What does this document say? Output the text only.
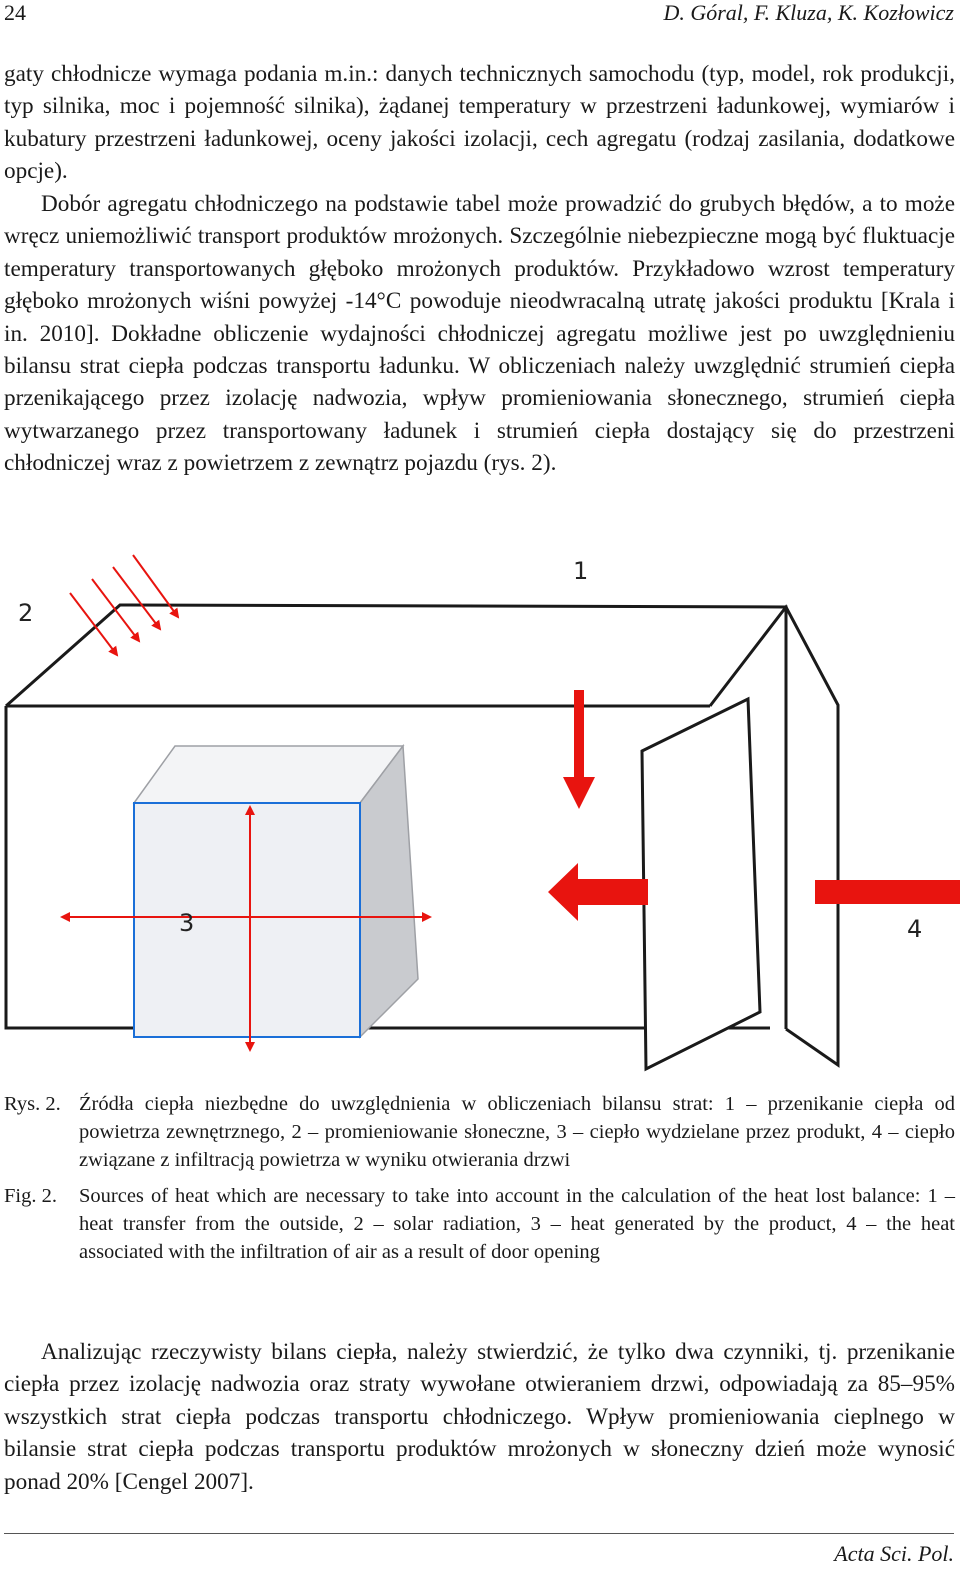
24	D. Góral, F. Kluza, K. Kozłowicz

gaty chłodnicze wymaga podania m.in.: danych technicznych samochodu (typ, model, rok produkcji, typ silnika, moc i pojemność silnika), żądanej temperatury w przestrzeni ładunkowej, wymiarów i kubatury przestrzeni ładunkowej, oceny jakości izolacji, cech agregatu (rodzaj zasilania, dodatkowe opcje).

Dobór agregatu chłodniczego na podstawie tabel może prowadzić do grubych błędów, a to może wręcz uniemożliwić transport produktów mrożonych. Szczególnie niebezpieczne mogą być fluktuacje temperatury transportowanych głęboko mrożonych produktów. Przykładowo wzrost temperatury głęboko mrożonych wiśni powyżej -14°C powoduje nieodwracalną utratę jakości produktu [Krala i in. 2010]. Dokładne obliczenie wydajności chłodniczej agregatu możliwe jest po uwzględnieniu bilansu strat ciepła podczas transportu ładunku. W obliczeniach należy uwzględnić strumień ciepła przenikającego przez izolację nadwozia, wpływ promieniowania słonecznego, strumień ciepła wytwarzanego przez transportowany ładunek i strumień ciepła dostający się do przestrzeni chłodniczej wraz z powietrzem z zewnątrz pojazdu (rys. 2).

1
2
3	4
Rys. 2. Źródła ciepła niezbędne do uwzględnienia w obliczeniach bilansu strat: 1 – przenikanie ciepła od powietrza zewnętrznego, 2 – promieniowanie słoneczne, 3 – ciepło wydzielane przez produkt, 4 – ciepło związane z infiltracją powietrza w wyniku otwierania drzwi
Fig. 2. Sources of heat which are necessary to take into account in the calculation of the heat lost balance: 1 – heat transfer from the outside, 2 – solar radiation, 3 – heat generated by the product, 4 – the heat associated with the infiltration of air as a result of door opening

Analizując rzeczywisty bilans ciepła, należy stwierdzić, że tylko dwa czynniki, tj. przenikanie ciepła przez izolację nadwozia oraz straty wywołane otwieraniem drzwi, odpowiadają za 85–95% wszystkich strat ciepła podczas transportu chłodniczego. Wpływ promieniowania cieplnego w bilansie strat ciepła podczas transportu produktów mrożonych w słoneczny dzień może wynosić ponad 20% [Cengel 2007].

Acta Sci. Pol.
